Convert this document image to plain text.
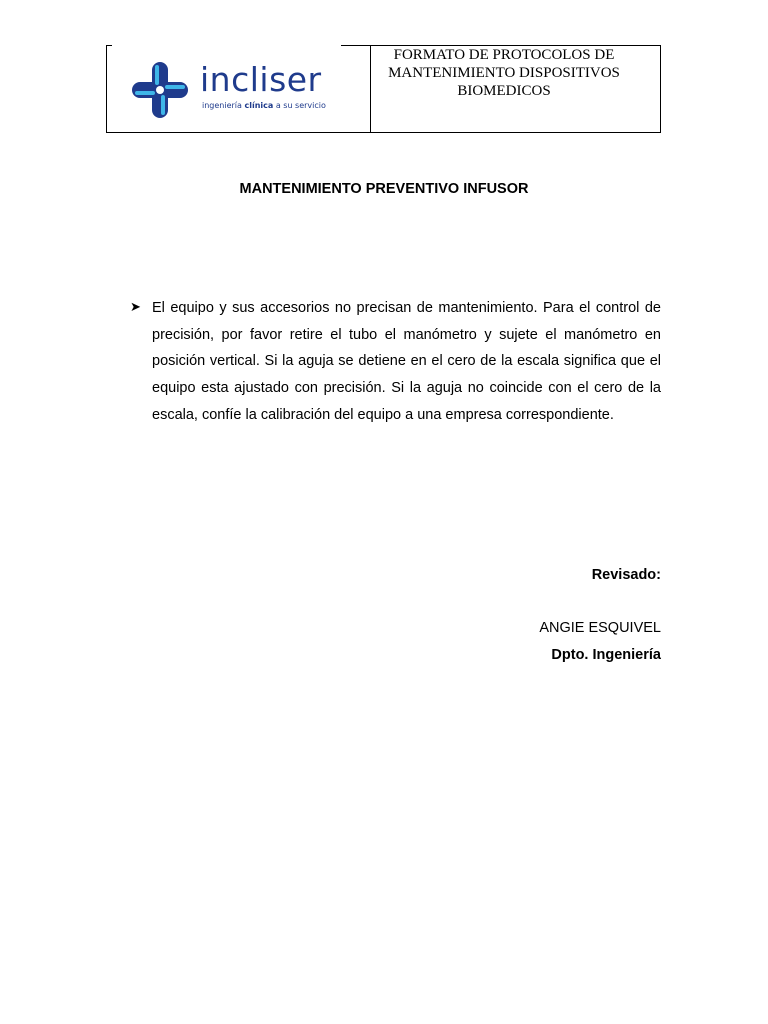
incliser
ingeniería clínica a su servicio
FORMATO DE PROTOCOLOS DE
MANTENIMIENTO DISPOSITIVOS
BIOMEDICOS
MANTENIMIENTO PREVENTIVO INFUSOR
➤ El equipo y sus accesorios no precisan de mantenimiento. Para el control de precisión, por favor retire el tubo el manómetro y sujete el manómetro en posición vertical. Si la aguja se detiene en el cero de la escala significa que el equipo esta ajustado con precisión. Si la aguja no coincide con el cero de la escala, confíe la calibración del equipo a una empresa correspondiente.
Revisado:
ANGIE ESQUIVEL
Dpto. Ingeniería
